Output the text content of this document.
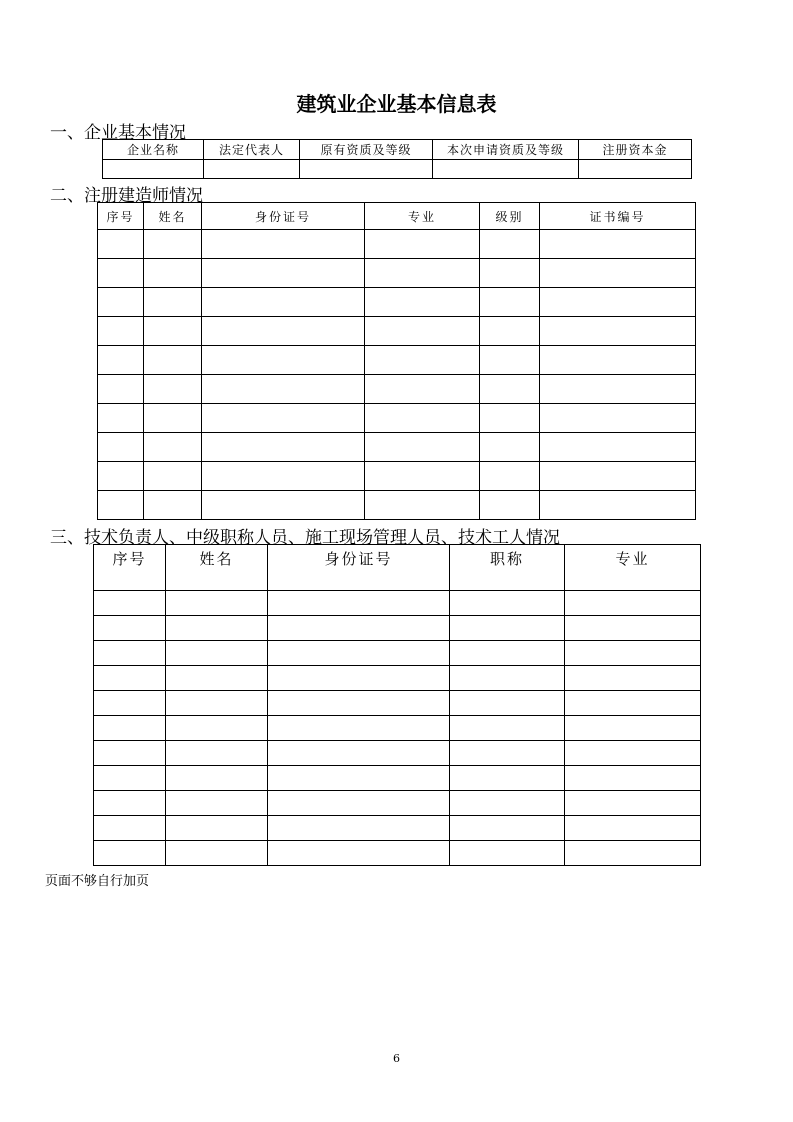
建筑业企业基本信息表
一、企业基本情况
企业名称	法定代表人	原有资质及等级	本次申请资质及等级	注册资本金

二、注册建造师情况
序号	姓名	身份证号	专业	级别	证书编号

三、技术负责人、中级职称人员、施工现场管理人员、技术工人情况
序号	姓名	身份证号	职称	专业

页面不够自行加页
6
